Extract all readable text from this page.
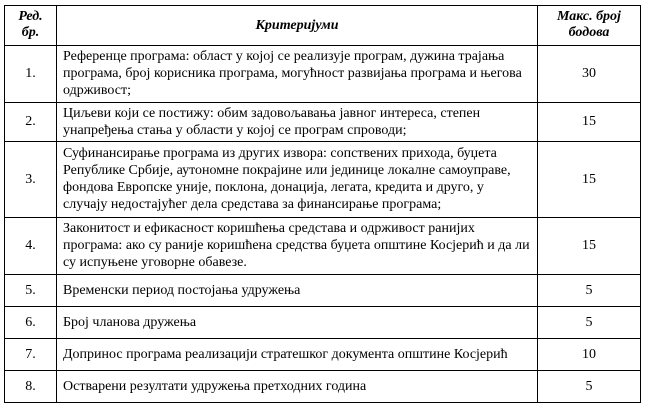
Ред. бр.	Критеријуми	Макс. број бодова
1.	Референце програма: област у којој се реализује програм, дужина трајања програма, број корисника програма, могућност развијања програма и његова одрживост;	30
2.	Циљеви који се постижу: обим задовољавања јавног интереса, степен унапређења стања у области у којој се програм спроводи;	15
3.	Суфинансирање програма из других извора: сопствених прихода, буџета Републике Србије, аутономне покрајине или јединице локалне самоуправе, фондова Европске уније, поклона, донација, легата, кредита и друго, у случају недостајућег дела средстава за финансирање програма;	15
4.	Законитост и ефикасност коришћења средстава и одрживост ранијих програма: ако су раније коришћена средства буџета општине Косјерић и да ли су испуњене уговорне обавезе.	15
5.	Временски период постојања удружења	5
6.	Број чланова дружења	5
7.	Допринос програма реализацији стратешког документа општине Косјерић	10
8.	Остварени резултати удружења претходних година	5
